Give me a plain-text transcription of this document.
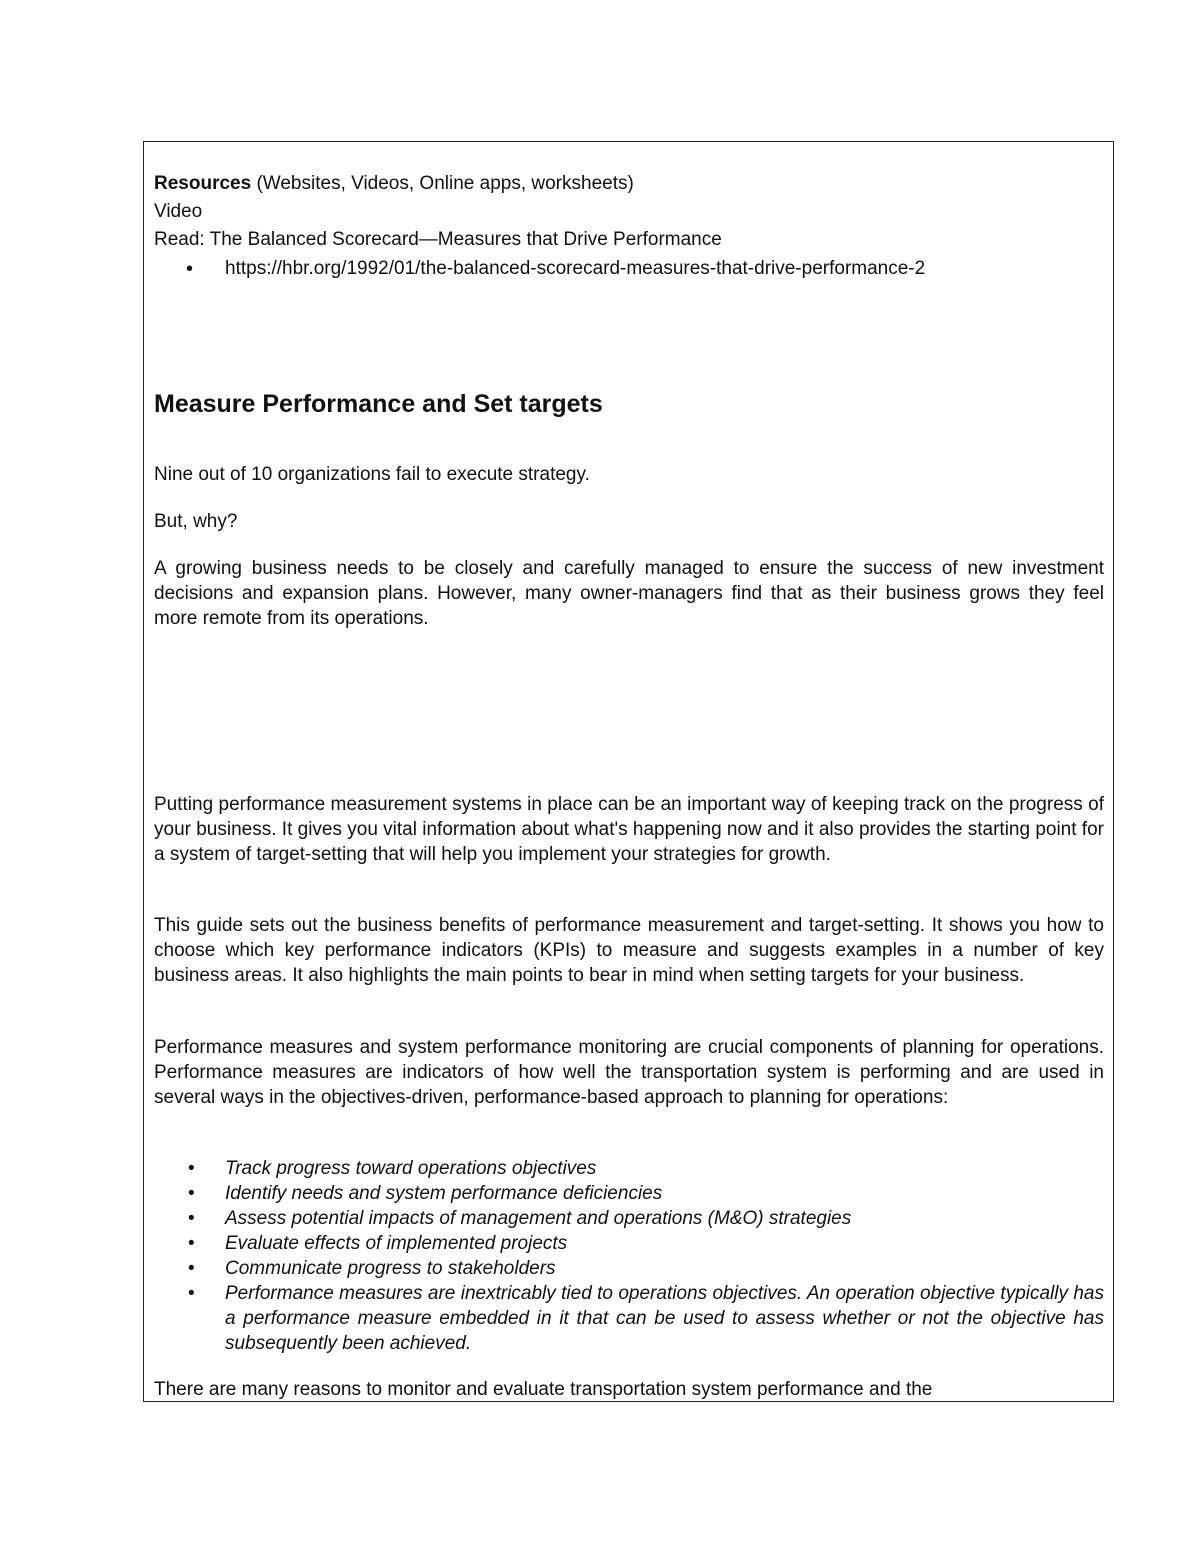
Resources (Websites, Videos, Online apps, worksheets)

Video

Read: The Balanced Scorecard—Measures that Drive Performance

• https://hbr.org/1992/01/the-balanced-scorecard-measures-that-drive-performance-2
Measure Performance and Set targets

Nine out of 10 organizations fail to execute strategy.

But, why?

A growing business needs to be closely and carefully managed to ensure the success of new investment decisions and expansion plans. However, many owner-managers find that as their business grows they feel more remote from its operations.

Putting performance measurement systems in place can be an important way of keeping track on the progress of your business. It gives you vital information about what's happening now and it also provides the starting point for a system of target-setting that will help you implement your strategies for growth.

This guide sets out the business benefits of performance measurement and target-setting. It shows you how to choose which key performance indicators (KPIs) to measure and suggests examples in a number of key business areas. It also highlights the main points to bear in mind when setting targets for your business.

Performance measures and system performance monitoring are crucial components of planning for operations. Performance measures are indicators of how well the transportation system is performing and are used in several ways in the objectives-driven, performance-based approach to planning for operations:

• Track progress toward operations objectives
• Identify needs and system performance deficiencies
• Assess potential impacts of management and operations (M&O) strategies
• Evaluate effects of implemented projects
• Communicate progress to stakeholders
• Performance measures are inextricably tied to operations objectives. An operation objective typically has a performance measure embedded in it that can be used to assess whether or not the objective has subsequently been achieved.

There are many reasons to monitor and evaluate transportation system performance and the
